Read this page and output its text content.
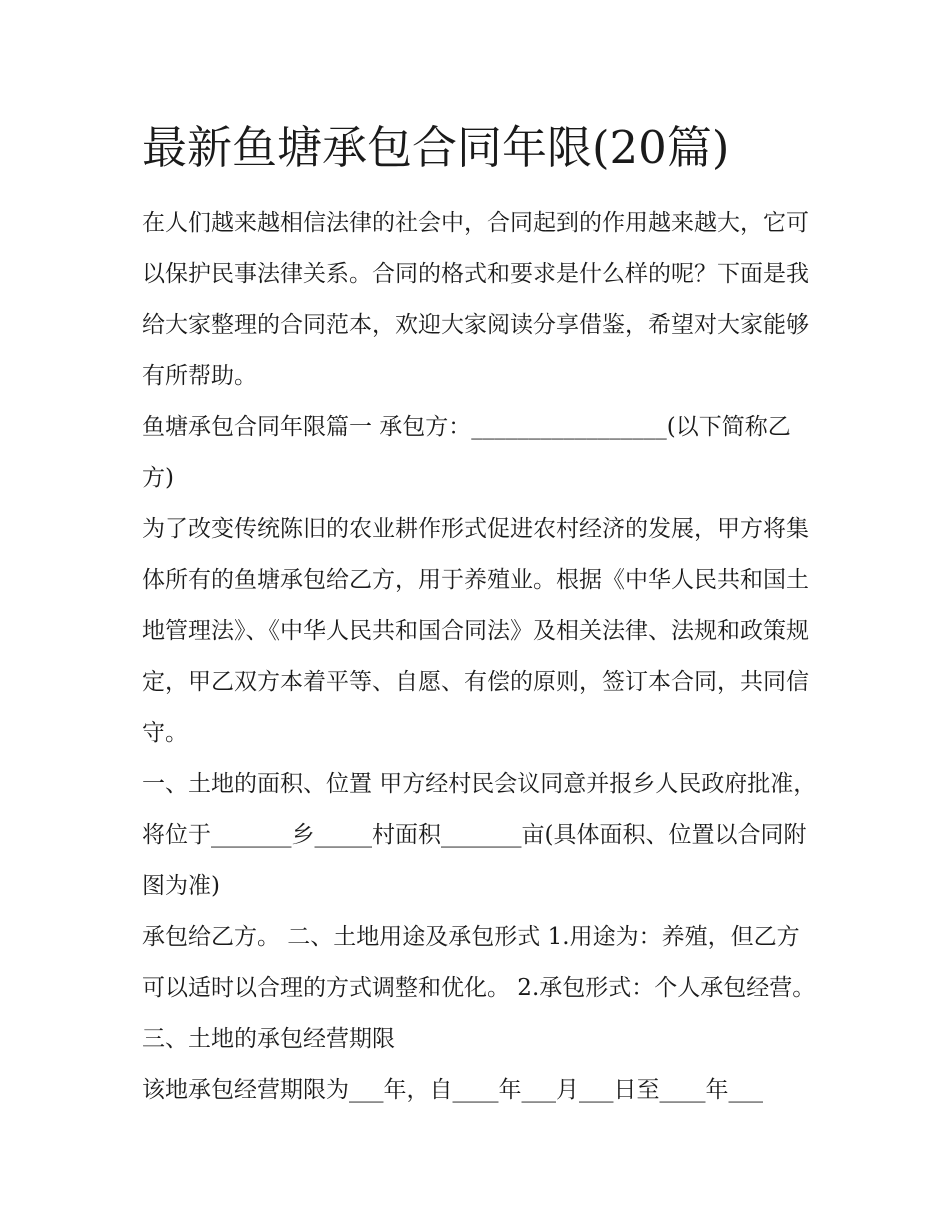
最新鱼塘承包合同年限(20篇)

在人们越来越相信法律的社会中，合同起到的作用越来越大，它可以保护民事法律关系。合同的格式和要求是什么样的呢？下面是我给大家整理的合同范本，欢迎大家阅读分享借鉴，希望对大家能够有所帮助。

鱼塘承包合同年限篇一 承包方：_________________(以下简称乙方)

为了改变传统陈旧的农业耕作形式促进农村经济的发展，甲方将集体所有的鱼塘承包给乙方，用于养殖业。根据《中华人民共和国土地管理法》、《中华人民共和国合同法》及相关法律、法规和政策规定，甲乙双方本着平等、自愿、有偿的原则，签订本合同，共同信守。

一、土地的面积、位置 甲方经村民会议同意并报乡人民政府批准，将位于_______乡_____村面积_______亩(具体面积、位置以合同附图为准)

承包给乙方。 二、土地用途及承包形式 1.用途为：养殖，但乙方可以适时以合理的方式调整和优化。 2.承包形式：个人承包经营。 三、土地的承包经营期限

该地承包经营期限为___年，自____年___月___日至____年___
